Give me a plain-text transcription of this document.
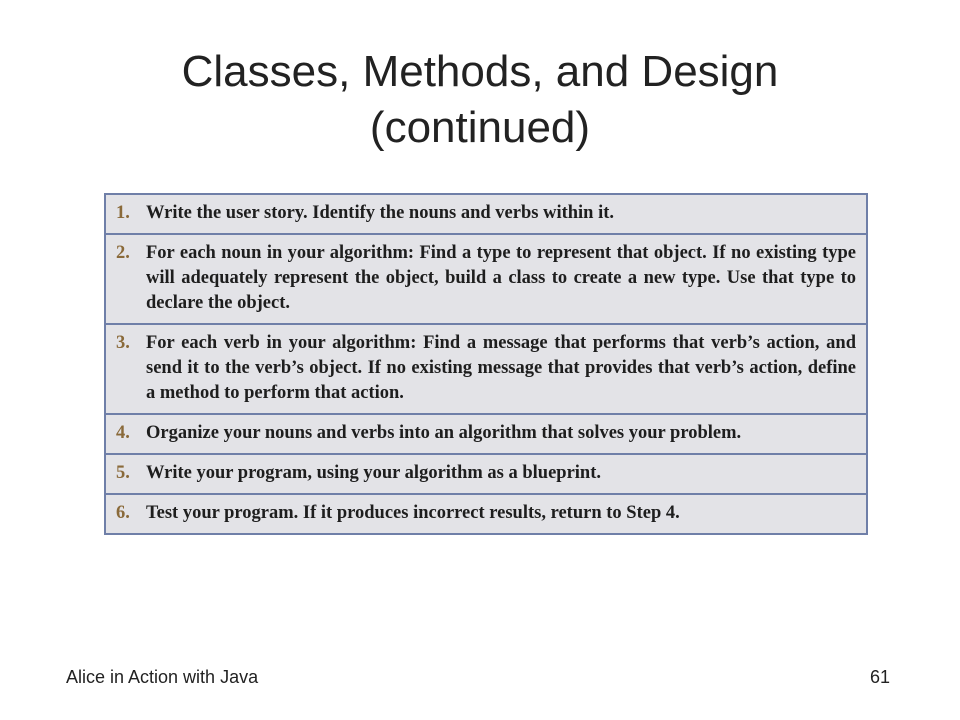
Classes, Methods, and Design
(continued)
1. Write the user story. Identify the nouns and verbs within it.
2. For each noun in your algorithm: Find a type to represent that object. If no existing type will adequately represent the object, build a class to create a new type. Use that type to declare the object.
3. For each verb in your algorithm: Find a message that performs that verb’s action, and send it to the verb’s object. If no existing message that provides that verb’s action, define a method to perform that action.
4. Organize your nouns and verbs into an algorithm that solves your problem.
5. Write your program, using your algorithm as a blueprint.
6. Test your program. If it produces incorrect results, return to Step 4.
Alice in Action with Java	61
